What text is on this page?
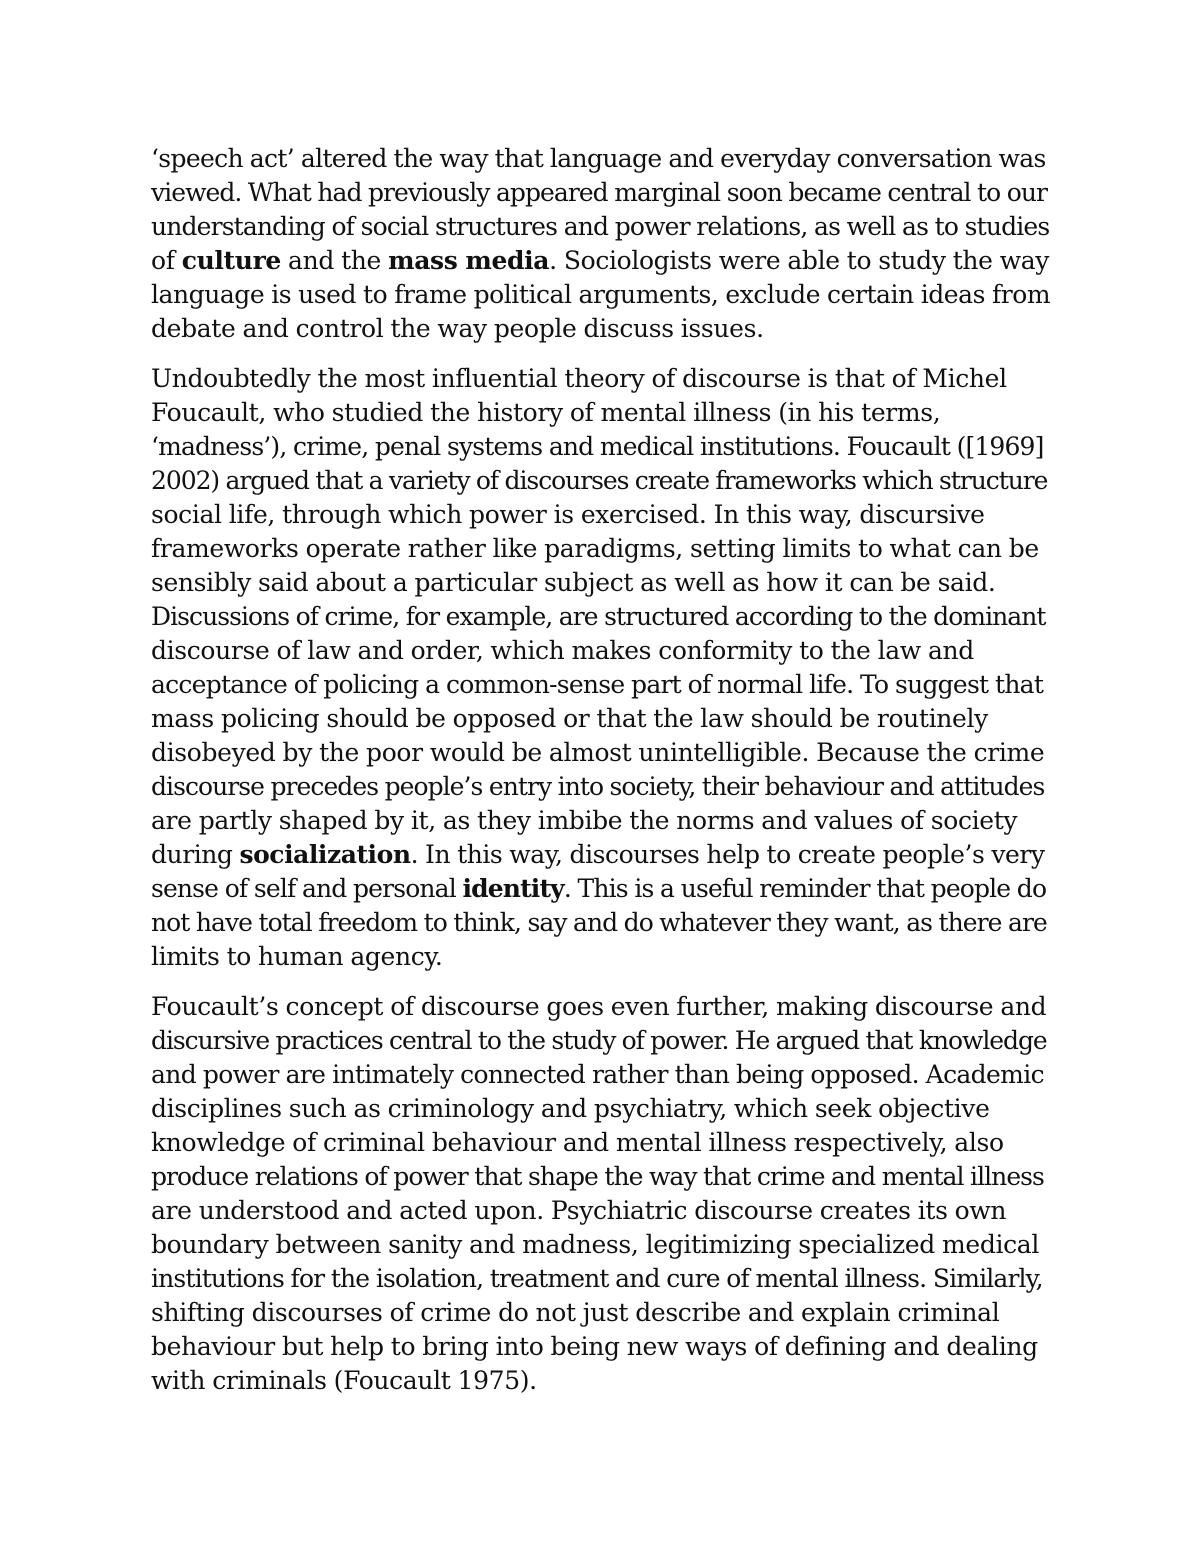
‘speech act’ altered the way that language and everyday conversation was
viewed. What had previously appeared marginal soon became central to our
understanding of social structures and power relations, as well as to studies
of culture and the mass media. Sociologists were able to study the way
language is used to frame political arguments, exclude certain ideas from
debate and control the way people discuss issues.
Undoubtedly the most influential theory of discourse is that of Michel
Foucault, who studied the history of mental illness (in his terms,
‘madness’), crime, penal systems and medical institutions. Foucault ([1969]
2002) argued that a variety of discourses create frameworks which structure
social life, through which power is exercised. In this way, discursive
frameworks operate rather like paradigms, setting limits to what can be
sensibly said about a particular subject as well as how it can be said.
Discussions of crime, for example, are structured according to the dominant
discourse of law and order, which makes conformity to the law and
acceptance of policing a common-sense part of normal life. To suggest that
mass policing should be opposed or that the law should be routinely
disobeyed by the poor would be almost unintelligible. Because the crime
discourse precedes people’s entry into society, their behaviour and attitudes
are partly shaped by it, as they imbibe the norms and values of society
during socialization. In this way, discourses help to create people’s very
sense of self and personal identity. This is a useful reminder that people do
not have total freedom to think, say and do whatever they want, as there are
limits to human agency.
Foucault’s concept of discourse goes even further, making discourse and
discursive practices central to the study of power. He argued that knowledge
and power are intimately connected rather than being opposed. Academic
disciplines such as criminology and psychiatry, which seek objective
knowledge of criminal behaviour and mental illness respectively, also
produce relations of power that shape the way that crime and mental illness
are understood and acted upon. Psychiatric discourse creates its own
boundary between sanity and madness, legitimizing specialized medical
institutions for the isolation, treatment and cure of mental illness. Similarly,
shifting discourses of crime do not just describe and explain criminal
behaviour but help to bring into being new ways of defining and dealing
with criminals (Foucault 1975).
